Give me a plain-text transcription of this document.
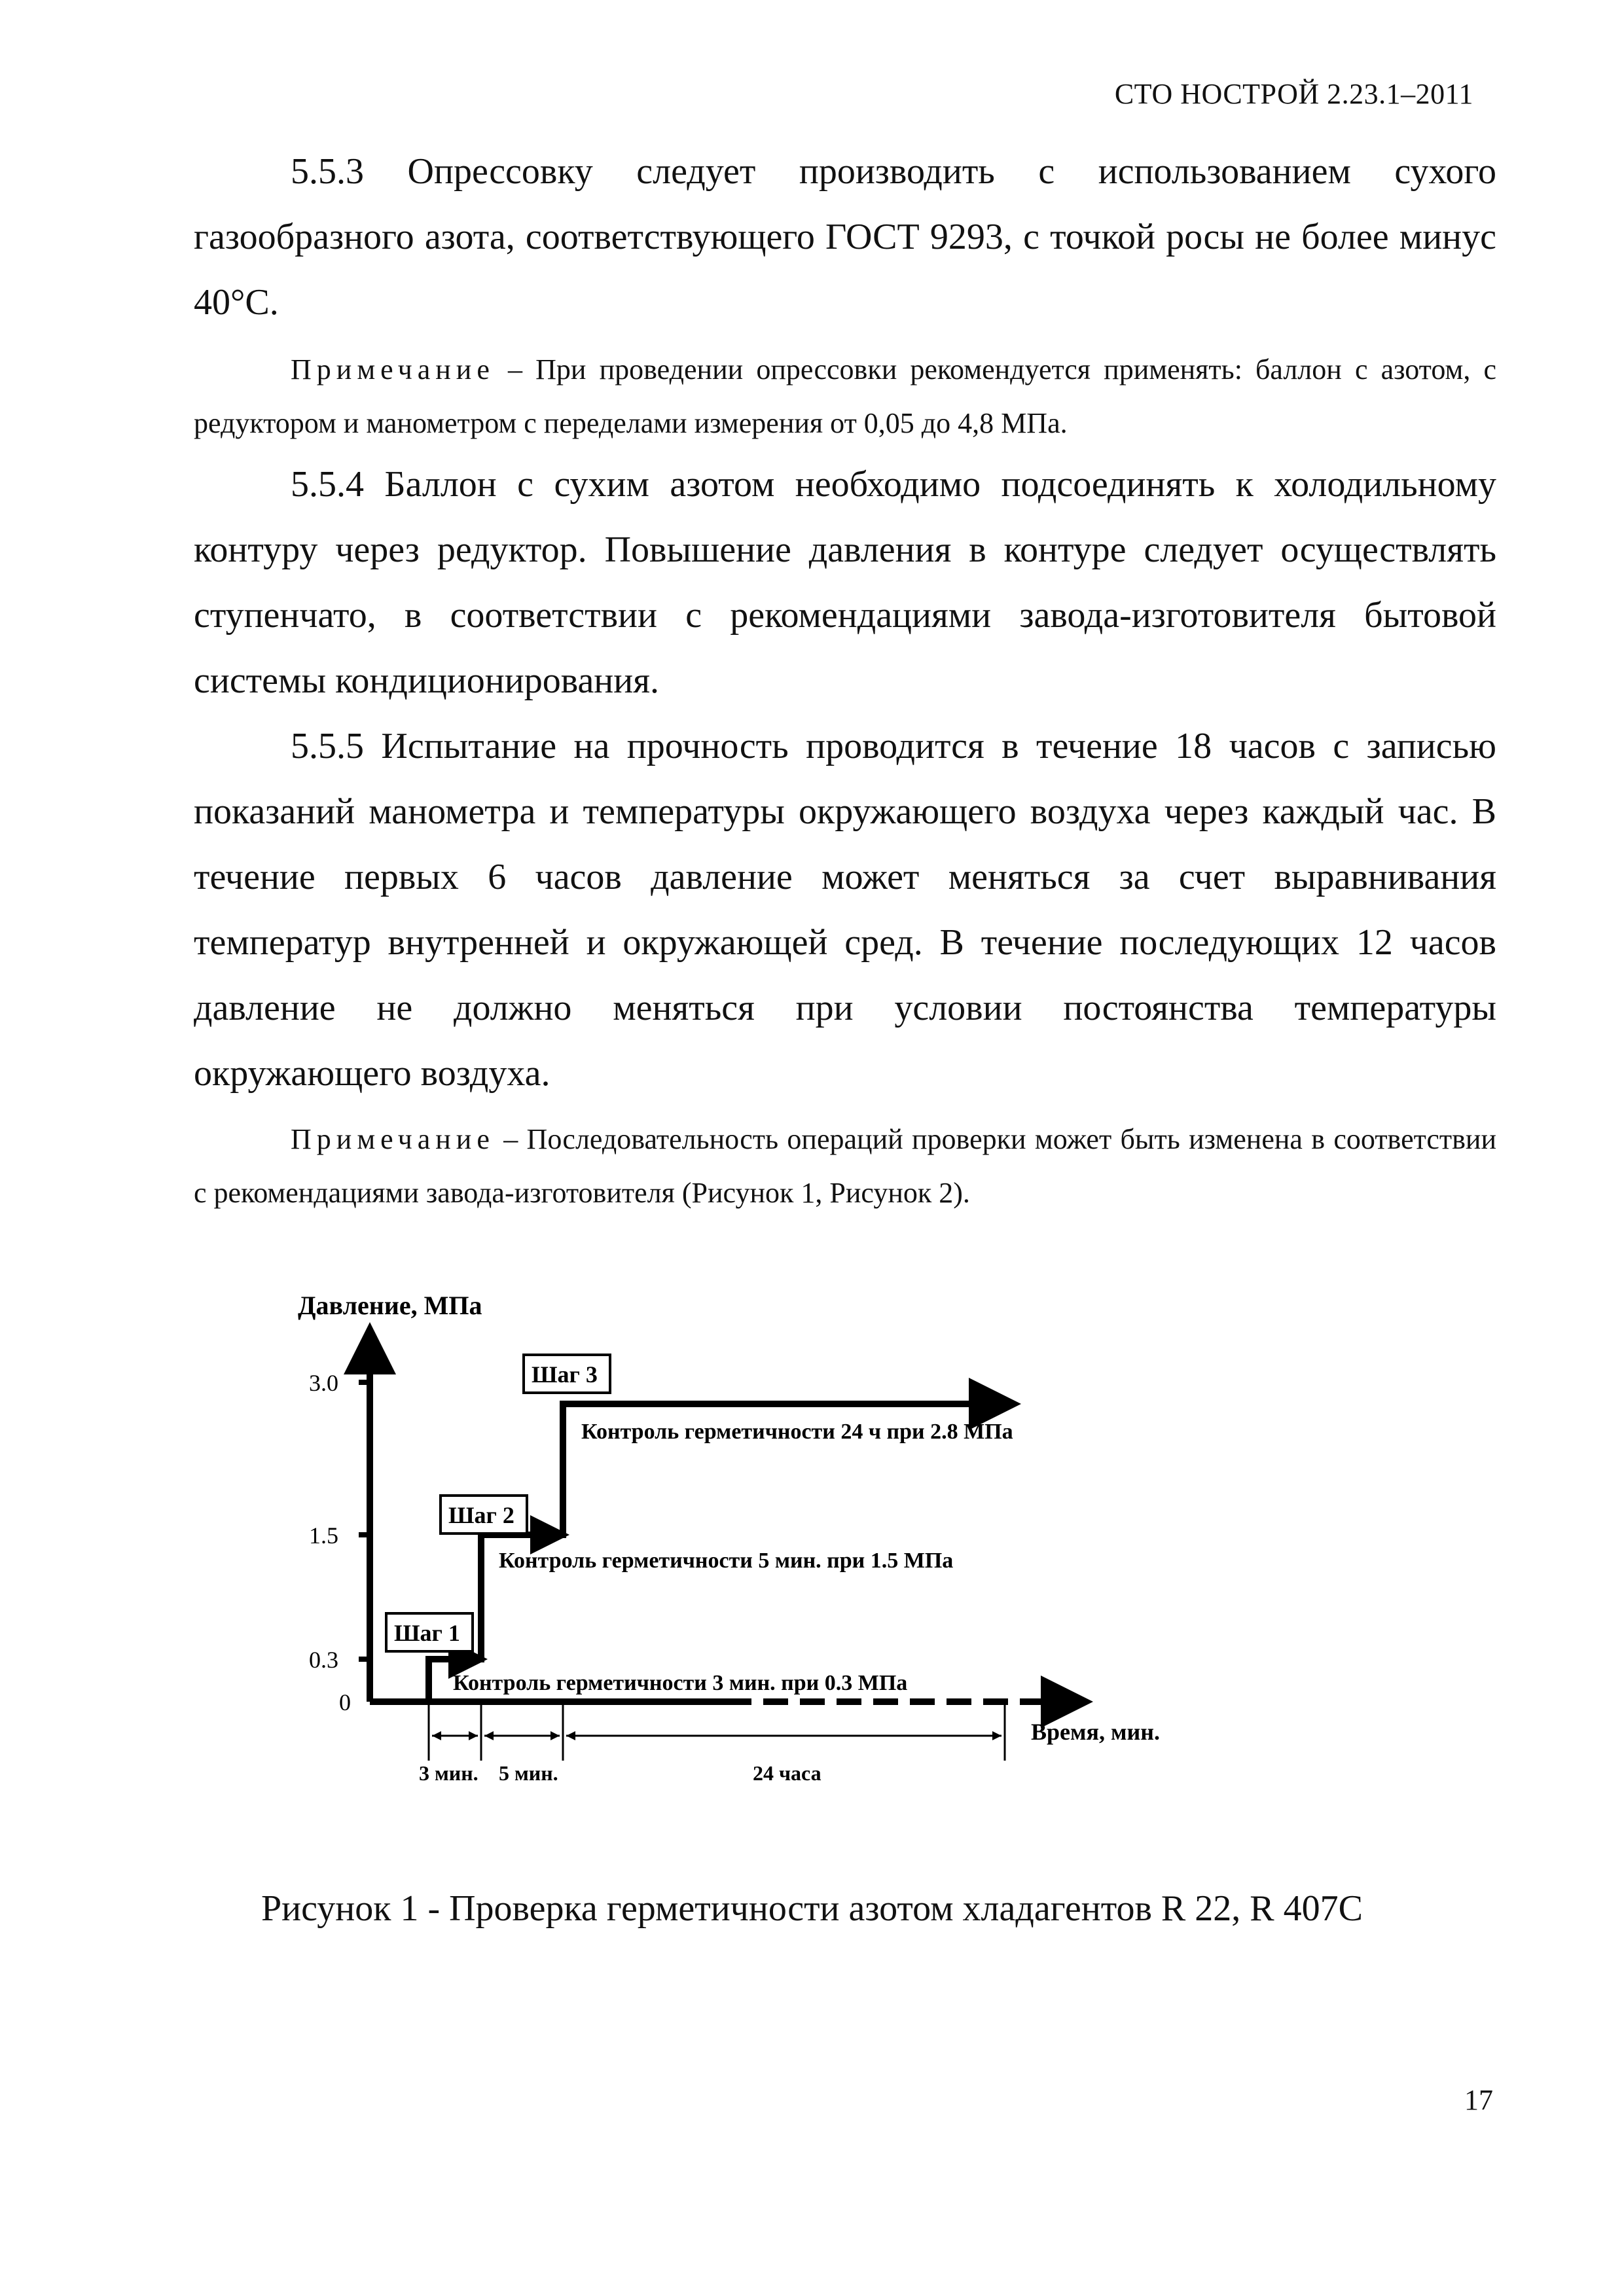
СТО НОСТРОЙ 2.23.1–2011
5.5.3 Опрессовку следует производить с использованием сухого газообразного азота, соответствующего ГОСТ 9293, с точкой росы не более минус 40°С.
Примечание – При проведении опрессовки рекомендуется применять: баллон с азотом, с редуктором и манометром с переделами измерения от 0,05 до 4,8 МПа.
5.5.4 Баллон с сухим азотом необходимо подсоединять к холодильному контуру через редуктор. Повышение давления в контуре следует осуществлять ступенчато, в соответствии с рекомендациями завода-изготовителя бытовой системы кондиционирования.
5.5.5 Испытание на прочность проводится в течение 18 часов с записью показаний манометра и температуры окружающего воздуха через каждый час. В течение первых 6 часов давление может меняться за счет выравнивания температур внутренней и окружающей сред. В течение последующих 12 часов давление не должно меняться при условии постоянства температуры окружающего воздуха.
Примечание – Последовательность операций проверки может быть изменена в соответствии с рекомендациями завода-изготовителя (Рисунок 1, Рисунок 2).
Давление, МПа
3.0
1.5
0.3
0
Время, мин.
Шаг 1
Шаг 2
Шаг 3
Контроль герметичности 3 мин. при 0.3 МПа
Контроль герметичности 5 мин. при 1.5 МПа
Контроль герметичности 24 ч при 2.8 МПа
3 мин. 5 мин.	24 часа
Рисунок 1 - Проверка герметичности азотом хладагентов R 22, R 407С
17
